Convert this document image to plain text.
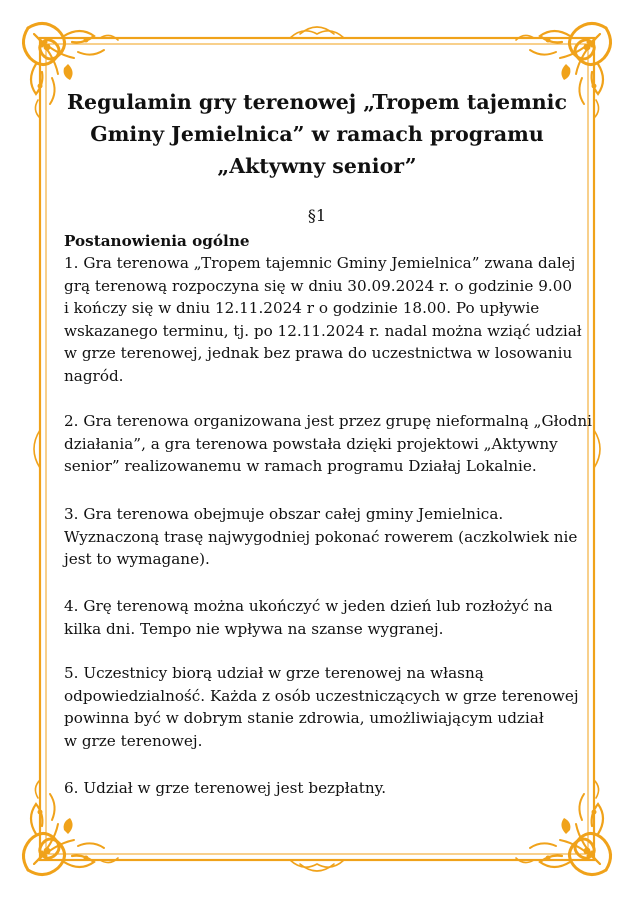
Regulamin gry terenowej „Tropem tajemnic
Gminy Jemielnica” w ramach programu
„Aktywny senior”

§1

Postanowienia ogólne

1. Gra terenowa „Tropem tajemnic Gminy Jemielnica” zwana dalej
grą terenową rozpoczyna się w dniu 30.09.2024 r. o godzinie 9.00
i kończy się w dniu 12.11.2024 r o godzinie 18.00. Po upływie
wskazanego terminu, tj. po 12.11.2024 r. nadal można wziąć udział
w grze terenowej, jednak bez prawa do uczestnictwa w losowaniu
nagród.

2. Gra terenowa organizowana jest przez grupę nieformalną „Głodni
działania”, a gra terenowa powstała dzięki projektowi „Aktywny
senior” realizowanemu w ramach programu Działaj Lokalnie.

3. Gra terenowa obejmuje obszar całej gminy Jemielnica.
Wyznaczoną trasę najwygodniej pokonać rowerem (aczkolwiek nie
jest to wymagane).

4. Grę terenową można ukończyć w jeden dzień lub rozłożyć na
kilka dni. Tempo nie wpływa na szanse wygranej.

5. Uczestnicy biorą udział w grze terenowej na własną
odpowiedzialność. Każda z osób uczestniczących w grze terenowej
powinna być w dobrym stanie zdrowia, umożliwiającym udział
w grze terenowej.

6. Udział w grze terenowej jest bezpłatny.
